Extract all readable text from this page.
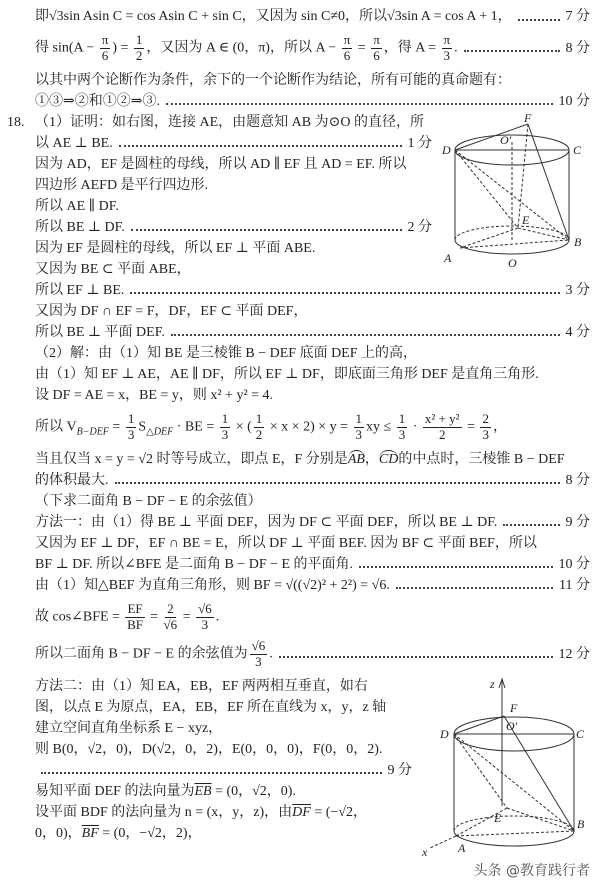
即√3sin Asin C = cos Asin C + sin C，又因为 sin C≠0，所以√3sin A = cos A + 1，	7 分
得 $\sin(A - \frac{\pi}{6}$ ) = $\frac{1}{2}$ ，又因为 A ∈ (0，π)，所以 $A - \frac{\pi}{6} = \frac{\pi}{6}$ ，得 $A = \frac{\pi}{3}$ .	8 分
以其中两个论断作为条件，余下的一个论断作为结论，所有可能的真命题有：
①③⇒②和①②⇒③.	10 分
D	C
F
O′
E
A
B
O
18. （1）证明：如右图，连接 AE，由题意知 AB 为⊙O 的直径，所
以 AE ⊥ BE.	1 分
因为 AD，EF 是圆柱的母线，所以 AD ∥ EF 且 AD = EF. 所以
四边形 AEFD 是平行四边形.
所以 AE ∥ DF.
所以 BE ⊥ DF.	2 分
因为 EF 是圆柱的母线，所以 EF ⊥ 平面 ABE.
又因为 BE ⊂ 平面 ABE，
所以 EF ⊥ BE.	3 分
又因为 DF ∩ EF = F，DF，EF ⊂ 平面 DEF，
所以 BE ⊥ 平面 DEF.	4 分
（2）解：由（1）知 BE 是三棱锥 B − DEF 底面 DEF 上的高，
由（1）知 EF ⊥ AE，AE ∥ DF，所以 EF ⊥ DF，即底面三角形 DEF 是直角三角形.
设 DF = AE = x，BE = y，则 x² + y² = 4.
所以 $V_{B-DEF} = \frac{1}{3} S_{\triangle DEF}$ · BE = $\frac{1}{3}$ × ( $\frac{1}{2} \times x \times 2) \times y = \frac{1}{3}$ xy ≤ $\frac{1}{3} \cdot \frac{\text{x² + y²}}{2} = \frac{2}{3}$ ，
当且仅当 x = y = √2 时等号成立，即点 E，F 分别是AB，CD的中点时，三棱锥 B − DEF
的体积最大.	8 分
（下求二面角 B − DF − E 的余弦值）
方法一：由（1）得 BE ⊥ 平面 DEF，因为 DF ⊂ 平面 DEF，所以 BE ⊥ DF.	9 分
又因为 EF ⊥ DF，EF ∩ BE = E，所以 DF ⊥ 平面 BEF. 因为 BF ⊂ 平面 BEF，所以
BF ⊥ DF. 所以∠BFE 是二面角 B − DF − E 的平面角.	10 分
由（1）知△BEF 为直角三角形，则 BF = √((√2)² + 2²) = √6.	11 分
故 cos∠BFE = $\frac{EF}{BF} = \frac{2}{√6} = \frac{√6}{3}$ .
所以二面角 B − DF − E 的余弦值为 $\frac{√6}{3}$ .	12 分
z
F
O′
D	C
E	B
A
x
头条 @教育践行者
方法二：由（1）知 EA，EB，EF 两两相互垂直，如右
图，以点 E 为原点，EA，EB，EF 所在直线为 x，y，z 轴
建立空间直角坐标系 E − xyz，
则 B(0，√2，0)，D(√2，0，2)，E(0，0，0)，F(0，0，2).
9 分
易知平面 DEF 的法向量为$\overline{EB} = (0$，√2，0).
设平面 BDF 的法向量为 n = (x，y，z)，由$\overline{DF} = (-√2$，
0，0)，$\overline{BF} = (0$，−√2，2)，
